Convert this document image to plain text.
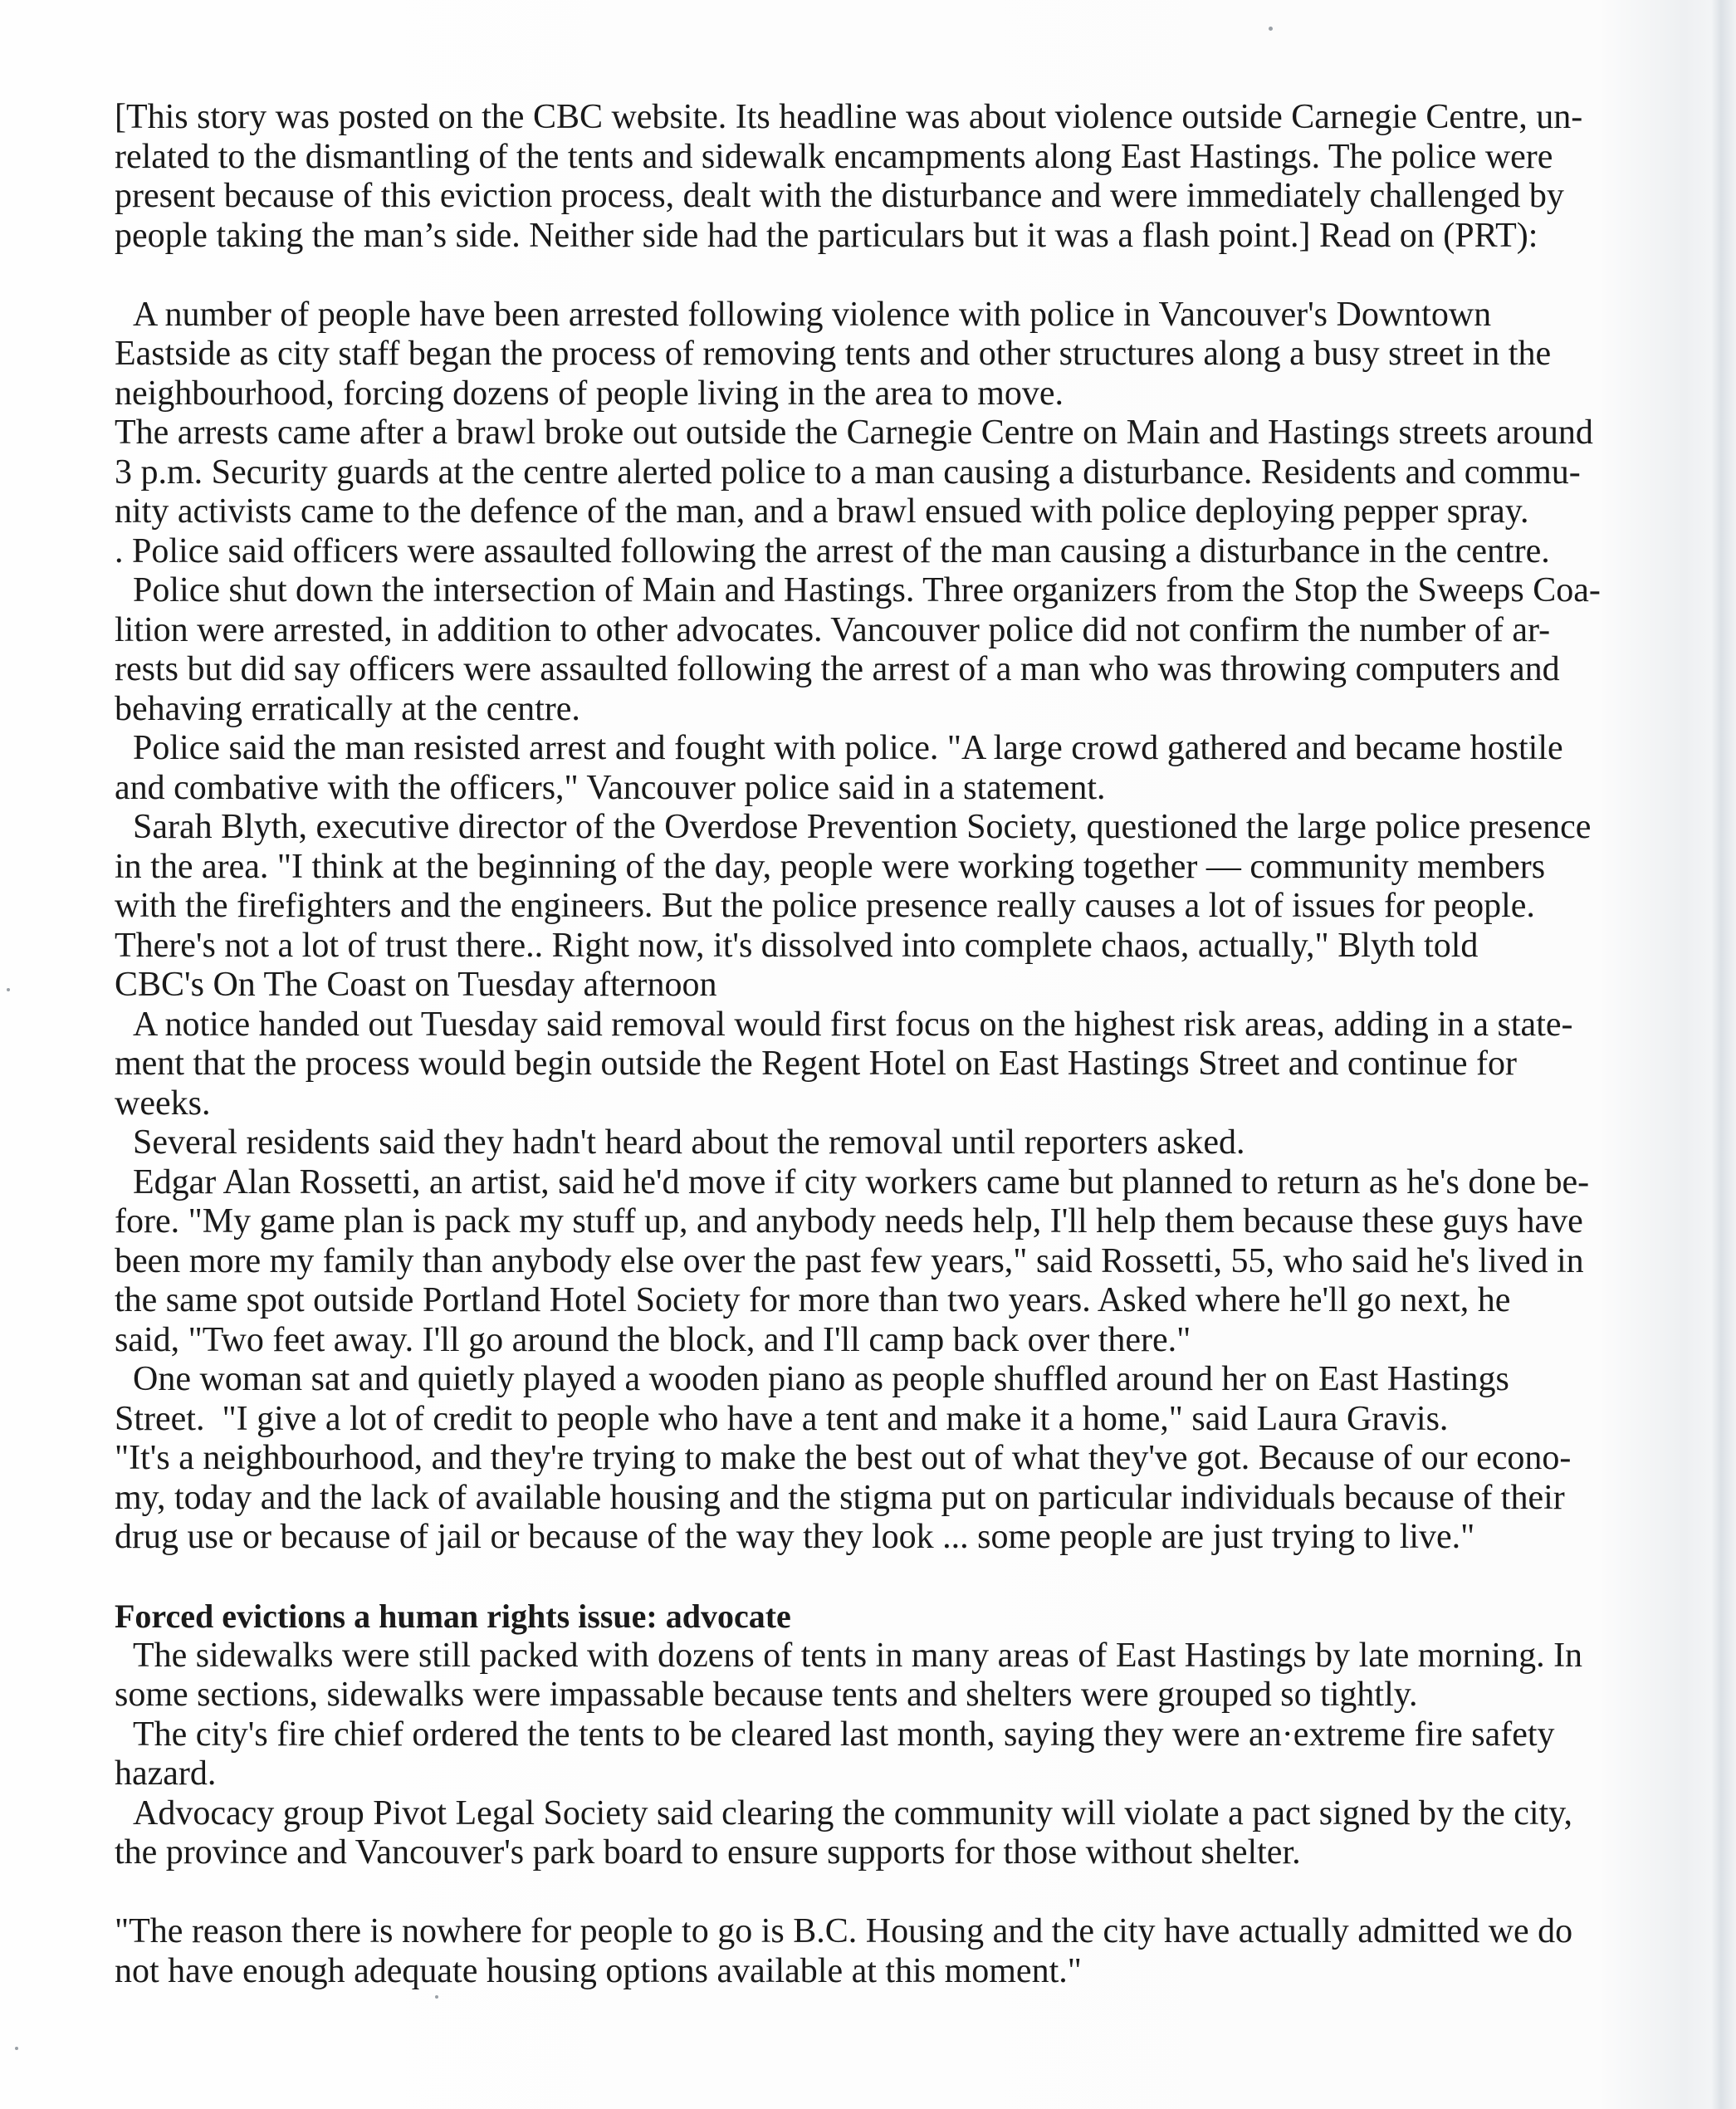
[This story was posted on the CBC website. Its headline was about violence outside Carnegie Centre, un-
related to the dismantling of the tents and sidewalk encampments along East Hastings. The police were
present because of this eviction process, dealt with the disturbance and were immediately challenged by
people taking the man’s side. Neither side had the particulars but it was a flash point.] Read on (PRT):

A number of people have been arrested following violence with police in Vancouver's Downtown
Eastside as city staff began the process of removing tents and other structures along a busy street in the
neighbourhood, forcing dozens of people living in the area to move.

The arrests came after a brawl broke out outside the Carnegie Centre on Main and Hastings streets around
3 p.m. Security guards at the centre alerted police to a man causing a disturbance. Residents and commu-
nity activists came to the defence of the man, and a brawl ensued with police deploying pepper spray.

. Police said officers were assaulted following the arrest of the man causing a disturbance in the centre.

Police shut down the intersection of Main and Hastings. Three organizers from the Stop the Sweeps Coa-
lition were arrested, in addition to other advocates. Vancouver police did not confirm the number of ar-
rests but did say officers were assaulted following the arrest of a man who was throwing computers and
behaving erratically at the centre.

Police said the man resisted arrest and fought with police. "A large crowd gathered and became hostile
and combative with the officers," Vancouver police said in a statement.

Sarah Blyth, executive director of the Overdose Prevention Society, questioned the large police presence
in the area. "I think at the beginning of the day, people were working together — community members
with the firefighters and the engineers. But the police presence really causes a lot of issues for people.
There's not a lot of trust there.. Right now, it's dissolved into complete chaos, actually," Blyth told
CBC's On The Coast on Tuesday afternoon

A notice handed out Tuesday said removal would first focus on the highest risk areas, adding in a state-
ment that the process would begin outside the Regent Hotel on East Hastings Street and continue for
weeks.

Several residents said they hadn't heard about the removal until reporters asked.

Edgar Alan Rossetti, an artist, said he'd move if city workers came but planned to return as he's done be-
fore. "My game plan is pack my stuff up, and anybody needs help, I'll help them because these guys have
been more my family than anybody else over the past few years," said Rossetti, 55, who said he's lived in
the same spot outside Portland Hotel Society for more than two years. Asked where he'll go next, he
said, "Two feet away. I'll go around the block, and I'll camp back over there."

One woman sat and quietly played a wooden piano as people shuffled around her on East Hastings
Street.  "I give a lot of credit to people who have a tent and make it a home," said Laura Gravis.

"It's a neighbourhood, and they're trying to make the best out of what they've got. Because of our econo-
my, today and the lack of available housing and the stigma put on particular individuals because of their
drug use or because of jail or because of the way they look ... some people are just trying to live."

Forced evictions a human rights issue: advocate

The sidewalks were still packed with dozens of tents in many areas of East Hastings by late morning. In
some sections, sidewalks were impassable because tents and shelters were grouped so tightly.

The city's fire chief ordered the tents to be cleared last month, saying they were an·extreme fire safety
hazard.

Advocacy group Pivot Legal Society said clearing the community will violate a pact signed by the city,
the province and Vancouver's park board to ensure supports for those without shelter.

"The reason there is nowhere for people to go is B.C. Housing and the city have actually admitted we do
not have enough adequate housing options available at this moment."
